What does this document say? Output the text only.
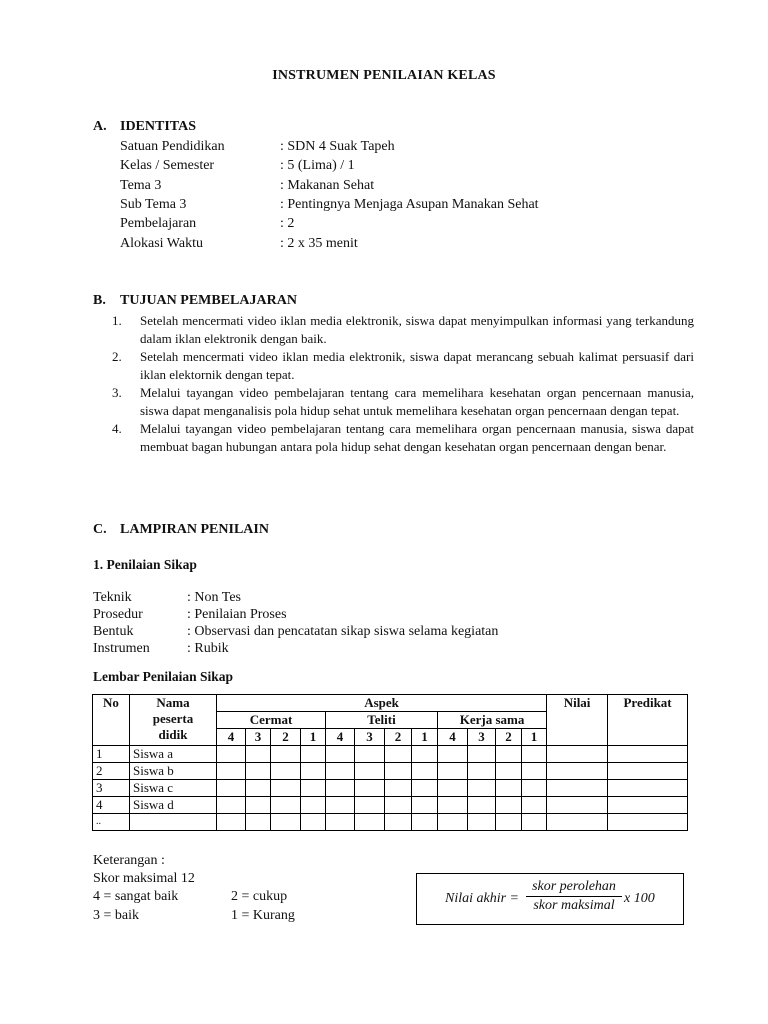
INSTRUMEN PENILAIAN KELAS
A. IDENTITAS
Satuan Pendidikan	: SDN 4 Suak Tapeh
Kelas / Semester	: 5 (Lima) / 1
Tema 3	: Makanan Sehat
Sub Tema 3	: Pentingnya Menjaga Asupan Manakan Sehat
Pembelajaran	: 2
Alokasi Waktu	: 2 x 35 menit
B. TUJUAN PEMBELAJARAN
1. Setelah mencermati video iklan media elektronik, siswa dapat menyimpulkan informasi yang terkandung dalam iklan elektronik dengan baik.
2. Setelah mencermati video iklan media elektronik, siswa dapat merancang sebuah kalimat persuasif dari iklan elektornik dengan tepat.
3. Melalui tayangan video pembelajaran tentang cara memelihara kesehatan organ pencernaan manusia, siswa dapat menganalisis pola hidup sehat untuk memelihara kesehatan organ pencernaan dengan tepat.
4. Melalui tayangan video pembelajaran tentang cara memelihara organ pencernaan manusia, siswa dapat membuat bagan hubungan antara pola hidup sehat dengan kesehatan organ pencernaan dengan benar.
C. LAMPIRAN PENILAIN
1. Penilaian Sikap
Teknik	: Non Tes
Prosedur	: Penilaian Proses
Bentuk	: Observasi dan pencatatan sikap siswa selama kegiatan
Instrumen	: Rubik
Lembar Penilaian Sikap
No	Nama
peserta
didik	Aspek												Nilai	Predikat
		Cermat				Teliti				Kerja sama					
		4	3	2	1	4	3	2	1	4	3	2	1		
1	Siswa a														
2	Siswa b														
3	Siswa c														
4	Siswa d														
..															
Keterangan :
Skor maksimal 12
4 = sangat baik	2 = cukup
3 = baik	1 = Kurang
Nilai akhir =
skor perolehan
skor maksimal x 100
